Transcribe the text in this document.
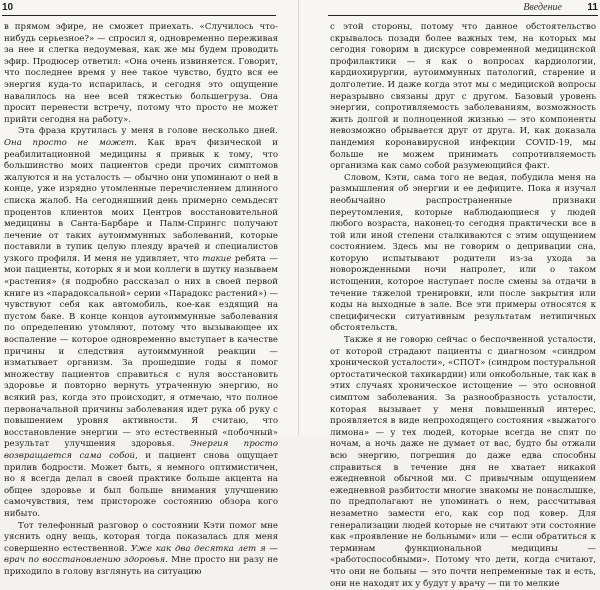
10

в прямом эфире, не сможет приехать. «Случилось что-нибудь серьезное?» — спросил я, одновременно переживая за нее и слегка недоумевая, как же мы будем проводить эфир. Продюсер ответил: «Она очень извиняется. Говорит, что последнее время у нее такое чувство, будто вся ее энергия куда-то испарилась, и сегодня это ощущение навалилось на нее всей тяжестью большегруза. Она просит перенести встречу, потому что просто не может прийти сегодня на работу».

Эта фраза крутилась у меня в голове несколько дней. Она просто не может. Как врач физической и реабилитационной медицины я привык к тому, что большинство моих пациентов среди прочих симптомов жалуются и на усталость — обычно они упоминают о ней в конце, уже изрядно утомленные перечислением длинного списка жалоб. На сегодняшний день примерно семьдесят процентов клиентов моих Центров восстановительной медицины в Санта-Барбаре и Палм-Спрингс получают лечение от таких аутоиммунных заболеваний, которые поставили в тупик целую плеяду врачей и специалистов узкого профиля. И меня не удивляет, что такие ребята — мои пациенты, которых я и мои коллеги в шутку называем «растения» (я подробно рассказал о них в своей первой книге из «парадоксальной» серии «Парадокс растений») — чувствуют себя как автомобиль, кое-как ездящий на пустом баке. В конце концов аутоиммунные заболевания по определению утомляют, потому что вызывающее их воспаление — которое одновременно выступает в качестве причины и следствия аутоиммунной реакции — изматывает организм. За прошедшие годы я помог множеству пациентов справиться с нуля восстановить здоровье и повторно вернуть утраченную энергию, но всякий раз, когда это происходит, я отмечаю, что полное первоначальной причины заболевания идет рука об руку с повышением уровня активности. Я считаю, что восстановление энергии — это естественный «побочный» результат улучшения здоровья. Энергия просто возвращается сама собой, и пациент снова ощущает прилив бодрости. Может быть, я немного оптимистичен, но я всегда делал в своей практике больше акцента на общее здоровье и был больше внимания улучшению самочувствия, тем пристороже состоянию обзора кого нибыто.

Тот телефонный разговор о состоянии Кэти помог мне уяснить одну вещь, которая тогда показалась для меня совершенно естественной. Уже как два десятка лет я — врач по восстановлению здоровья. Мне просто ни разу не приходило в голову взглянуть на ситуацию

Введение	11

с этой стороны, потому что данное обстоятельство скрывалось позади более важных тем, на которых мы сегодня говорим в дискурсе современной медицинской профилактики — я как о вопросах кардиологии, кардиохирургии, аутоиммунных патологий, старение и долголетие. И даже когда этот мы с медициской вопросы неразрывно связаны друг с другом. Базовый уровень энергии, сопротивляемость заболеваниям, возможность жить долгой и полноценной жизнью — это компоненты невозможно обрывается друг от друга. И, как доказала пандемия коронавирусной инфекции COVID-19, мы больше не можем принимать сопротивляемость организма как само собой разумеющийся факт.

Словом, Кэти, сама того не ведая, побудила меня на размышления об энергии и ее дефиците. Пока я изучал необычайно распространенные признаки переутомления, которые наблюдающиеся у людей любого возраста, наконец-то сегодня практически все в той или иной степени сталкиваются с этим ощущением состоянием. Здесь мы не говорим о депривации сна, которую испытывают родители из-за ухода за новорожденными ночи напролет, или о таком истощении, которое наступает после смены за отдачи в течение тяжелой тренировки, или после закрытия или коды на выходные в зале. Все эти примеры относятся к специфически ситуативным результатам нетипичных обстоятельств.

Также я не говорю сейчас о беспочвенной усталости, от которой страдают пациенты с диагнозом «синдром хронической усталости», «СПОТ» (синдром постуральной ортостатической тахикардии) или онкобольные, так как в этих случаях хроническое истощение — это основной симптом заболевания. За разнообразность усталости, которая вызывает у меня повышенный интерес, проявляется в виде непроходящего состояния «выжатого лимона» — у тех людей, которые всегда не спят по ночам, а ночь даже не думает от вас, будто бы отжали всю энергию, погрешия до даже едва способны справиться в течение дня не хватает никакой ежедневной обычной ми. С привычным ощущением ежедневной разбитости многие знакомы не понаслышке, по предполагают не упоминать о нем, рассчитывая незаметно замести его, как сор под ковер. Для генерализации людей которые не считают эти состояние как «проявление не больными» или — если обратиться к терминам функциональной медицины — «работоспособными». Потому что дети, когда считают, что они не больны — это почти непременные так и есть, они не находят их у будут у врачу — пи то мелкие
